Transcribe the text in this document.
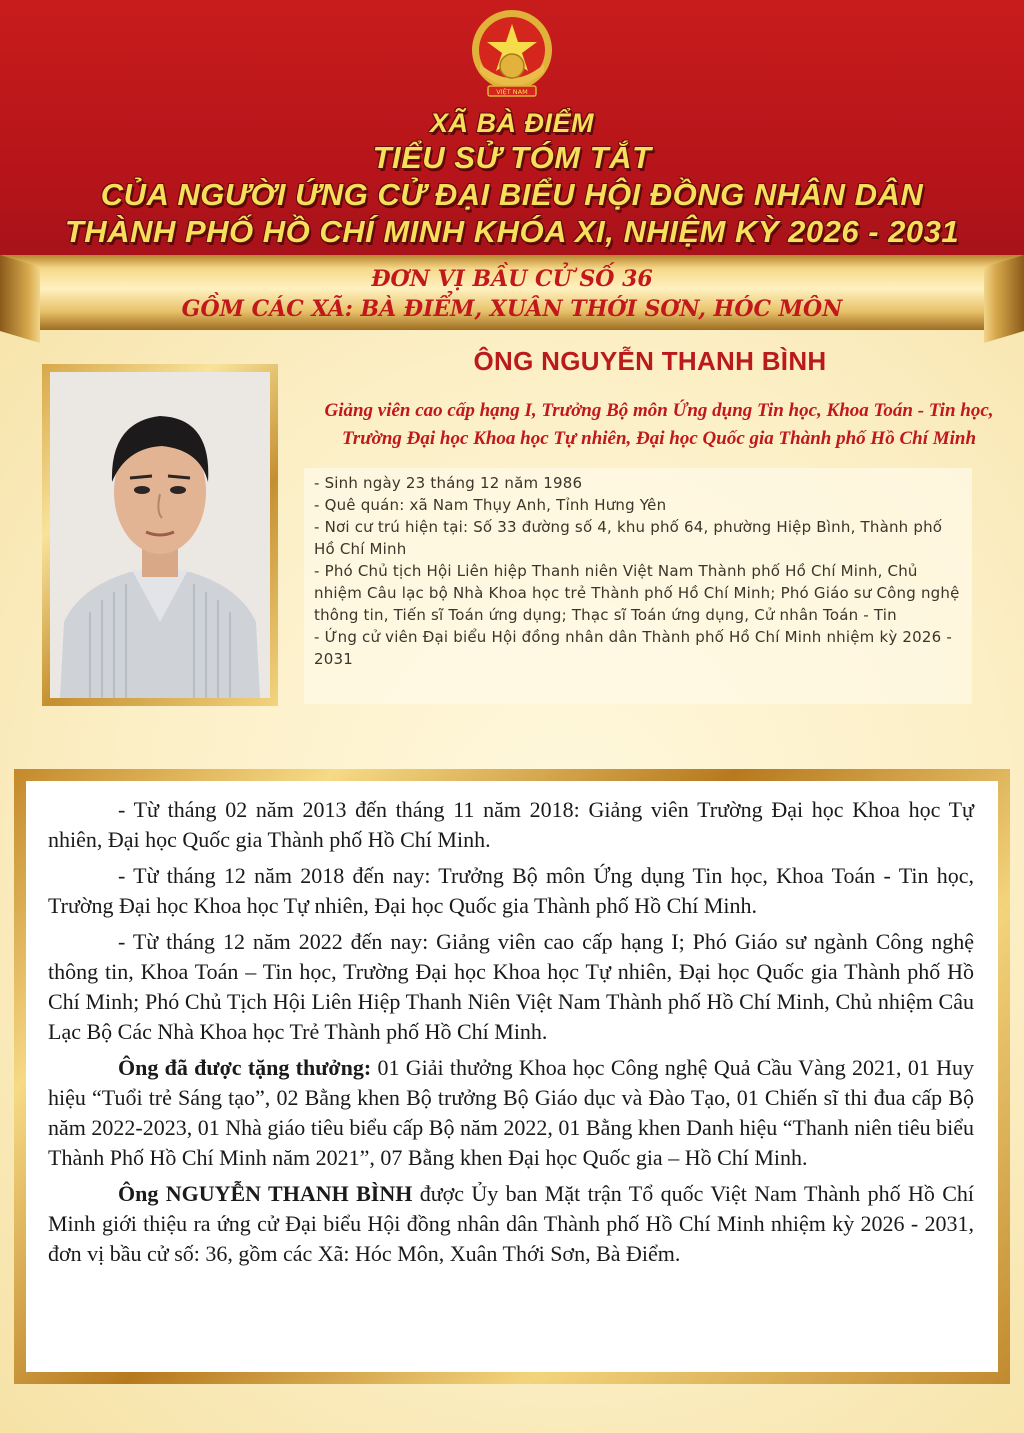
VIỆT NAM
XÃ BÀ ĐIỂM
TIỂU SỬ TÓM TẮT
CỦA NGƯỜI ỨNG CỬ ĐẠI BIỂU HỘI ĐỒNG NHÂN DÂN
THÀNH PHỐ HỒ CHÍ MINH KHÓA XI, NHIỆM KỲ 2026 - 2031
ĐƠN VỊ BẦU CỬ SỐ 36
GỒM CÁC XÃ: BÀ ĐIỂM, XUÂN THỚI SƠN, HÓC MÔN
ÔNG NGUYỄN THANH BÌNH
Giảng viên cao cấp hạng I, Trưởng Bộ môn Ứng dụng Tin học, Khoa Toán - Tin học,
Trường Đại học Khoa học Tự nhiên, Đại học Quốc gia Thành phố Hồ Chí Minh
- Sinh ngày 23 tháng 12 năm 1986
- Quê quán: xã Nam Thụy Anh, Tỉnh Hưng Yên
- Nơi cư trú hiện tại: Số 33 đường số 4, khu phố 64, phường Hiệp Bình, Thành phố Hồ Chí Minh
- Phó Chủ tịch Hội Liên hiệp Thanh niên Việt Nam Thành phố Hồ Chí Minh, Chủ nhiệm Câu lạc bộ Nhà Khoa học trẻ Thành phố Hồ Chí Minh; Phó Giáo sư Công nghệ thông tin, Tiến sĩ Toán ứng dụng; Thạc sĩ Toán ứng dụng, Cử nhân Toán - Tin
- Ứng cử viên Đại biểu Hội đồng nhân dân Thành phố Hồ Chí Minh nhiệm kỳ 2026 - 2031

- Từ tháng 02 năm 2013 đến tháng 11 năm 2018: Giảng viên Trường Đại học Khoa học Tự nhiên, Đại học Quốc gia Thành phố Hồ Chí Minh.

- Từ tháng 12 năm 2018 đến nay: Trưởng Bộ môn Ứng dụng Tin học, Khoa Toán - Tin học, Trường Đại học Khoa học Tự nhiên, Đại học Quốc gia Thành phố Hồ Chí Minh.

- Từ tháng 12 năm 2022 đến nay: Giảng viên cao cấp hạng I; Phó Giáo sư ngành Công nghệ thông tin, Khoa Toán – Tin học, Trường Đại học Khoa học Tự nhiên, Đại học Quốc gia Thành phố Hồ Chí Minh; Phó Chủ Tịch Hội Liên Hiệp Thanh Niên Việt Nam Thành phố Hồ Chí Minh, Chủ nhiệm Câu Lạc Bộ Các Nhà Khoa học Trẻ Thành phố Hồ Chí Minh.

Ông đã được tặng thưởng: 01 Giải thưởng Khoa học Công nghệ Quả Cầu Vàng 2021, 01 Huy hiệu “Tuổi trẻ Sáng tạo”, 02 Bằng khen Bộ trưởng Bộ Giáo dục và Đào Tạo, 01 Chiến sĩ thi đua cấp Bộ năm 2022-2023, 01 Nhà giáo tiêu biểu cấp Bộ năm 2022, 01 Bằng khen Danh hiệu “Thanh niên tiêu biểu Thành Phố Hồ Chí Minh năm 2021”, 07 Bằng khen Đại học Quốc gia – Hồ Chí Minh.

Ông NGUYỄN THANH BÌNH được Ủy ban Mặt trận Tổ quốc Việt Nam Thành phố Hồ Chí Minh giới thiệu ra ứng cử Đại biểu Hội đồng nhân dân Thành phố Hồ Chí Minh nhiệm kỳ 2026 - 2031, đơn vị bầu cử số: 36, gồm các Xã: Hóc Môn, Xuân Thới Sơn, Bà Điểm.
